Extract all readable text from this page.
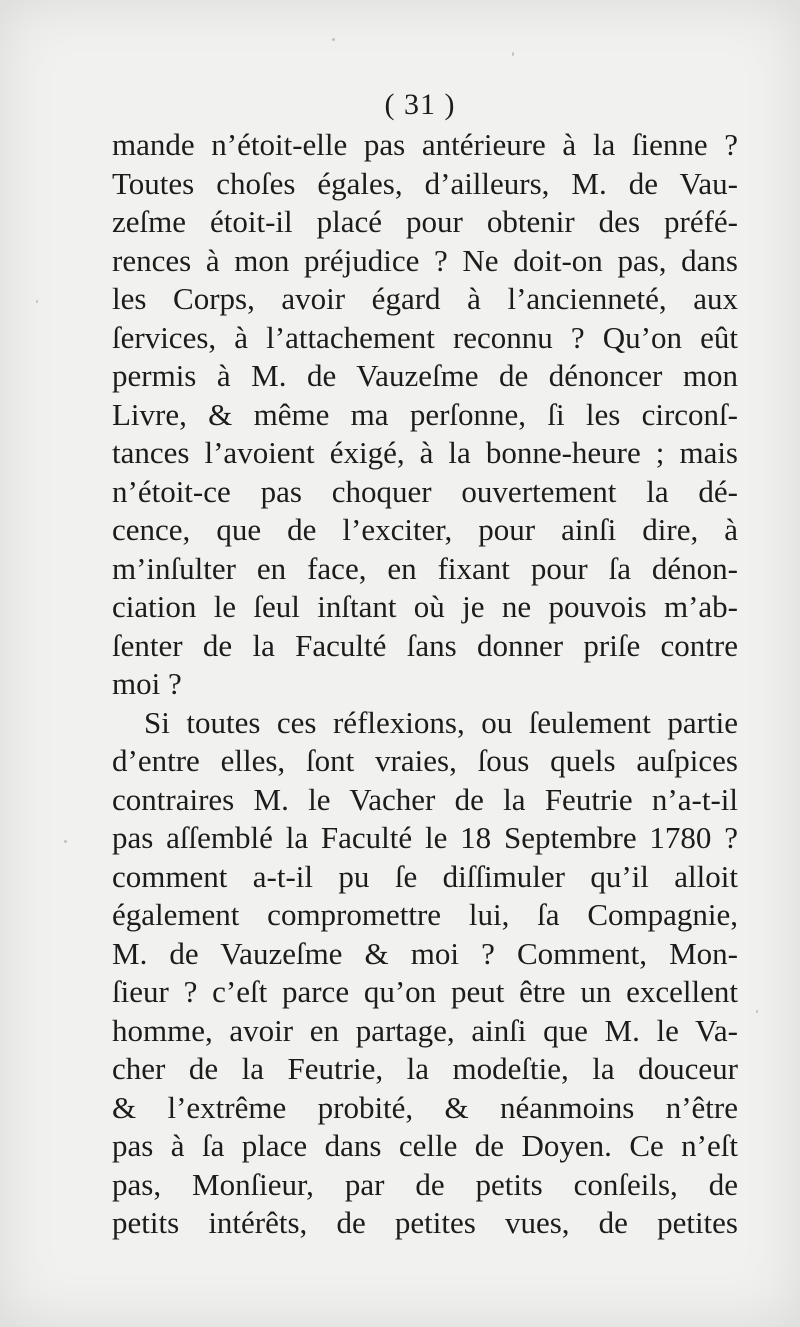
( 31 )
mande n’étoit-elle pas antérieure à la ſienne ?
Toutes choſes égales, d’ailleurs, M. de Vau-
zeſme étoit-il placé pour obtenir des préfé-
rences à mon préjudice ? Ne doit-on pas, dans
les Corps, avoir égard à l’ancienneté, aux
ſervices, à l’attachement reconnu ? Qu’on eût
permis à M. de Vauzeſme de dénoncer mon
Livre, & même ma perſonne, ſi les circonſ-
tances l’avoient éxigé, à la bonne-heure ; mais
n’étoit-ce pas choquer ouvertement la dé-
cence, que de l’exciter, pour ainſi dire, à
m’inſulter en face, en fixant pour ſa dénon-
ciation le ſeul inſtant où je ne pouvois m’ab-
ſenter de la Faculté ſans donner priſe contre
moi ?
Si toutes ces réflexions, ou ſeulement partie
d’entre elles, ſont vraies, ſous quels auſpices
contraires M. le Vacher de la Feutrie n’a-t-il
pas aſſemblé la Faculté le 18 Septembre 1780 ?
comment a-t-il pu ſe diſſimuler qu’il alloit
également compromettre lui, ſa Compagnie,
M. de Vauzeſme & moi ? Comment, Mon-
ſieur ? c’eſt parce qu’on peut être un excellent
homme, avoir en partage, ainſi que M. le Va-
cher de la Feutrie, la modeſtie, la douceur
& l’extrême probité, & néanmoins n’être
pas à ſa place dans celle de Doyen. Ce n’eſt
pas, Monſieur, par de petits conſeils, de
petits intérêts, de petites vues, de petites
